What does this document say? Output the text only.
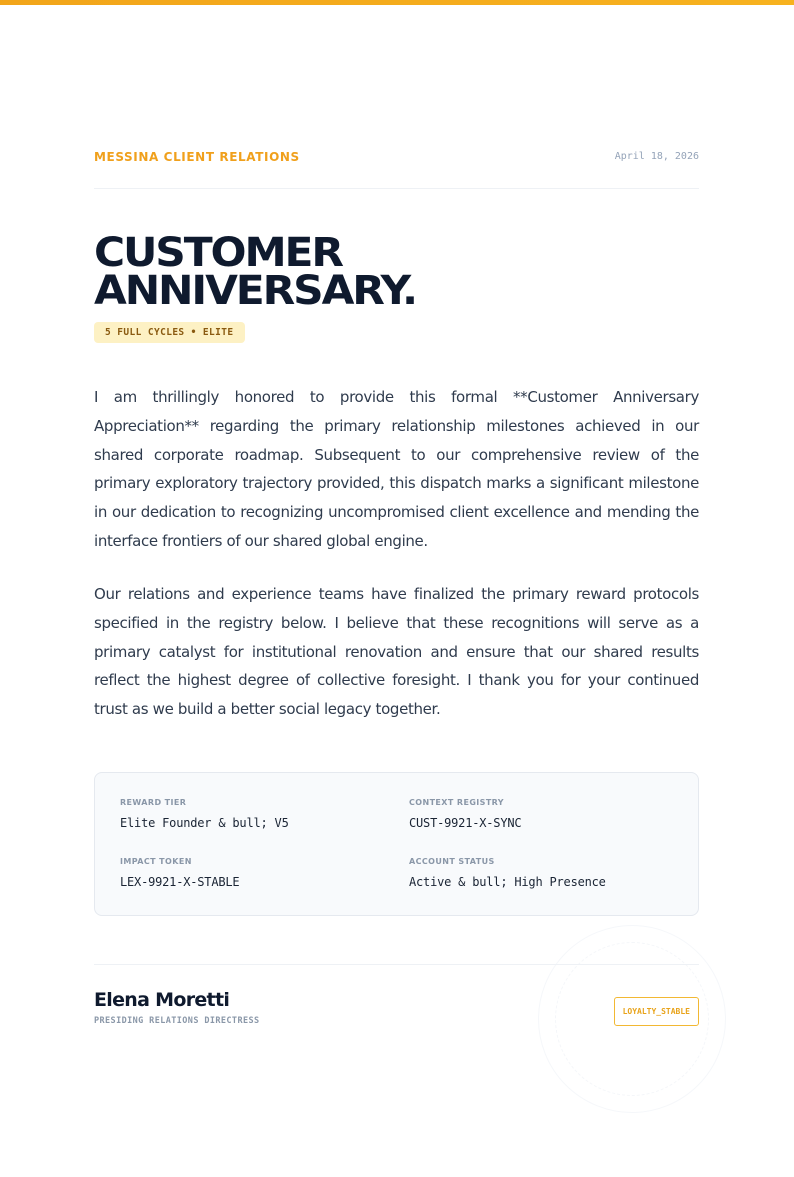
MESSINA CLIENT RELATIONS	April 18, 2026
CUSTOMER
ANNIVERSARY.
5 FULL CYCLES • ELITE

I am thrillingly honored to provide this formal **Customer Anniversary Appreciation** regarding the primary relationship milestones achieved in our shared corporate roadmap. Subsequent to our comprehensive review of the primary exploratory trajectory provided, this dispatch marks a significant milestone in our dedication to recognizing uncompromised client excellence and mending the interface frontiers of our shared global engine.

Our relations and experience teams have finalized the primary reward protocols specified in the registry below. I believe that these recognitions will serve as a primary catalyst for institutional renovation and ensure that our shared results reflect the highest degree of collective foresight. I thank you for your continued trust as we build a better social legacy together.

REWARD TIER
Elite Founder & bull; V5
CONTEXT REGISTRY
CUST-9921-X-SYNC
IMPACT TOKEN
LEX-9921-X-STABLE
ACCOUNT STATUS
Active & bull; High Presence
Elena Moretti
PRESIDING RELATIONS DIRECTRESS
LOYALTY_STABLE
